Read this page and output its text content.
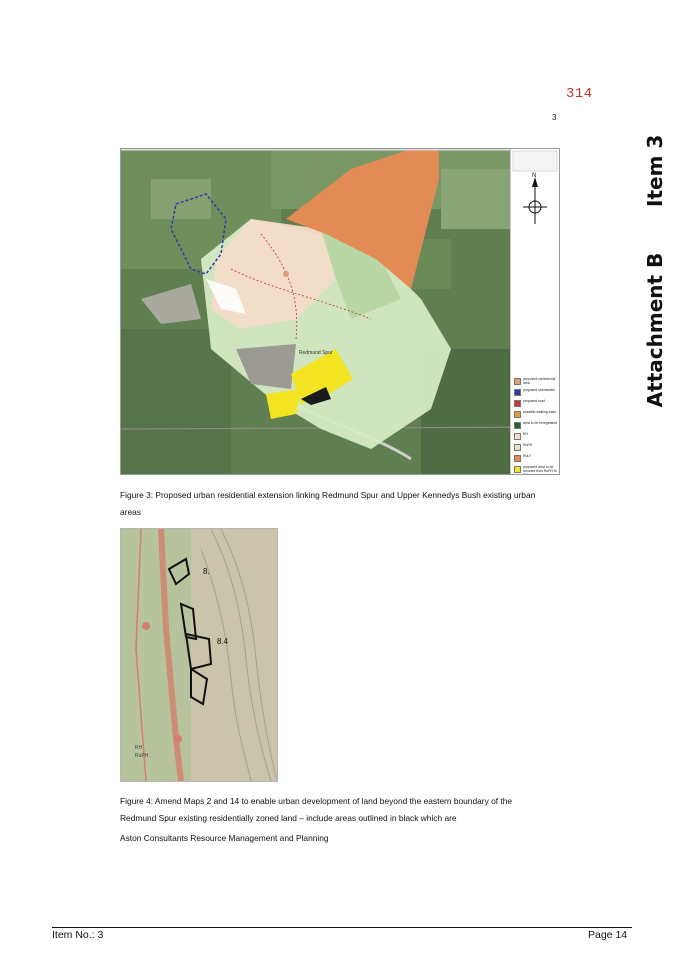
314
3
Item 3
Attachment B
Redmund Spur
N
proposed commercial area
proposed stormwater
proposed road
possible walking track
area to be revegetated
RH
RuPH
RuLF
proposed area to be rezoned from RuPH to RH
Figure 3: Proposed urban residential extension linking Redmund Spur and Upper Kennedys Bush existing urban areas
8.
8.4
RH
RuPH
Figure 4: Amend Maps 2 and 14 to enable urban development of land beyond the eastern boundary of the Redmund Spur existing residentially zoned land – include areas outlined in black which are
Aston Consultants Resource Management and Planning
Item No.: 3	Page 14
